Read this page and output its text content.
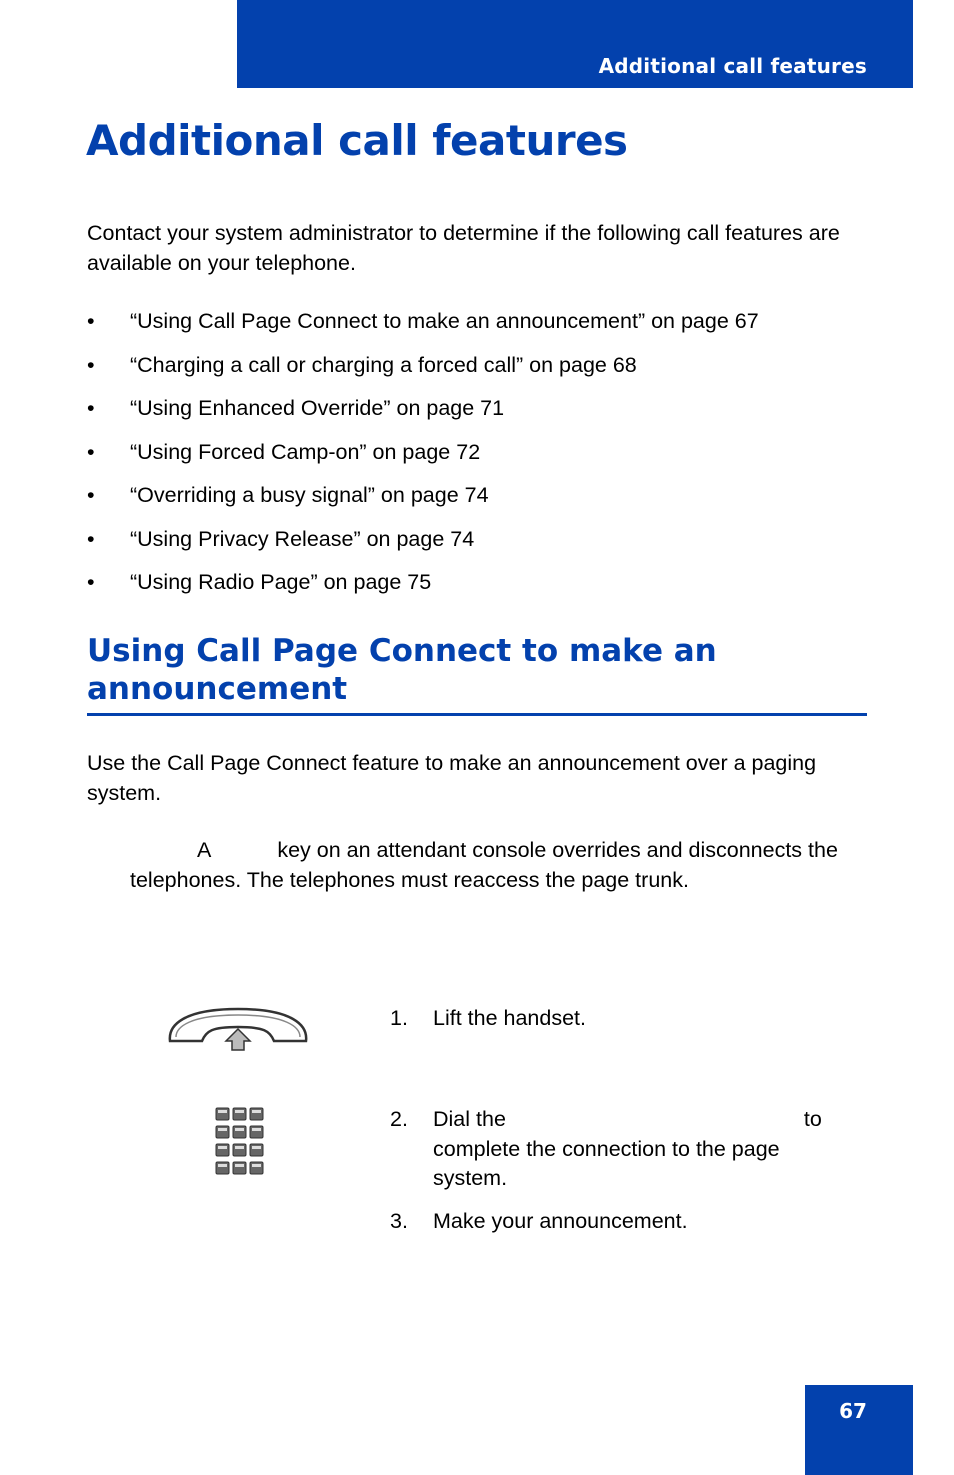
Additional call features
Additional call features

Contact your system administrator to determine if the following call features are available on your telephone.

• “Using Call Page Connect to make an announcement” on page 67
• “Charging a call or charging a forced call” on page 68
• “Using Enhanced Override” on page 71
• “Using Forced Camp-on” on page 72
• “Overriding a busy signal” on page 74
• “Using Privacy Release” on page 74
• “Using Radio Page” on page 75
Using Call Page Connect to make an announcement

Use the Call Page Connect feature to make an announcement over a paging system.

A	key on an attendant console overrides and disconnects the telephones. The telephones must reaccess the page trunk.

1. Lift the handset.
2. Dial the	to complete the connection to the page system.
3. Make your announcement.
67
